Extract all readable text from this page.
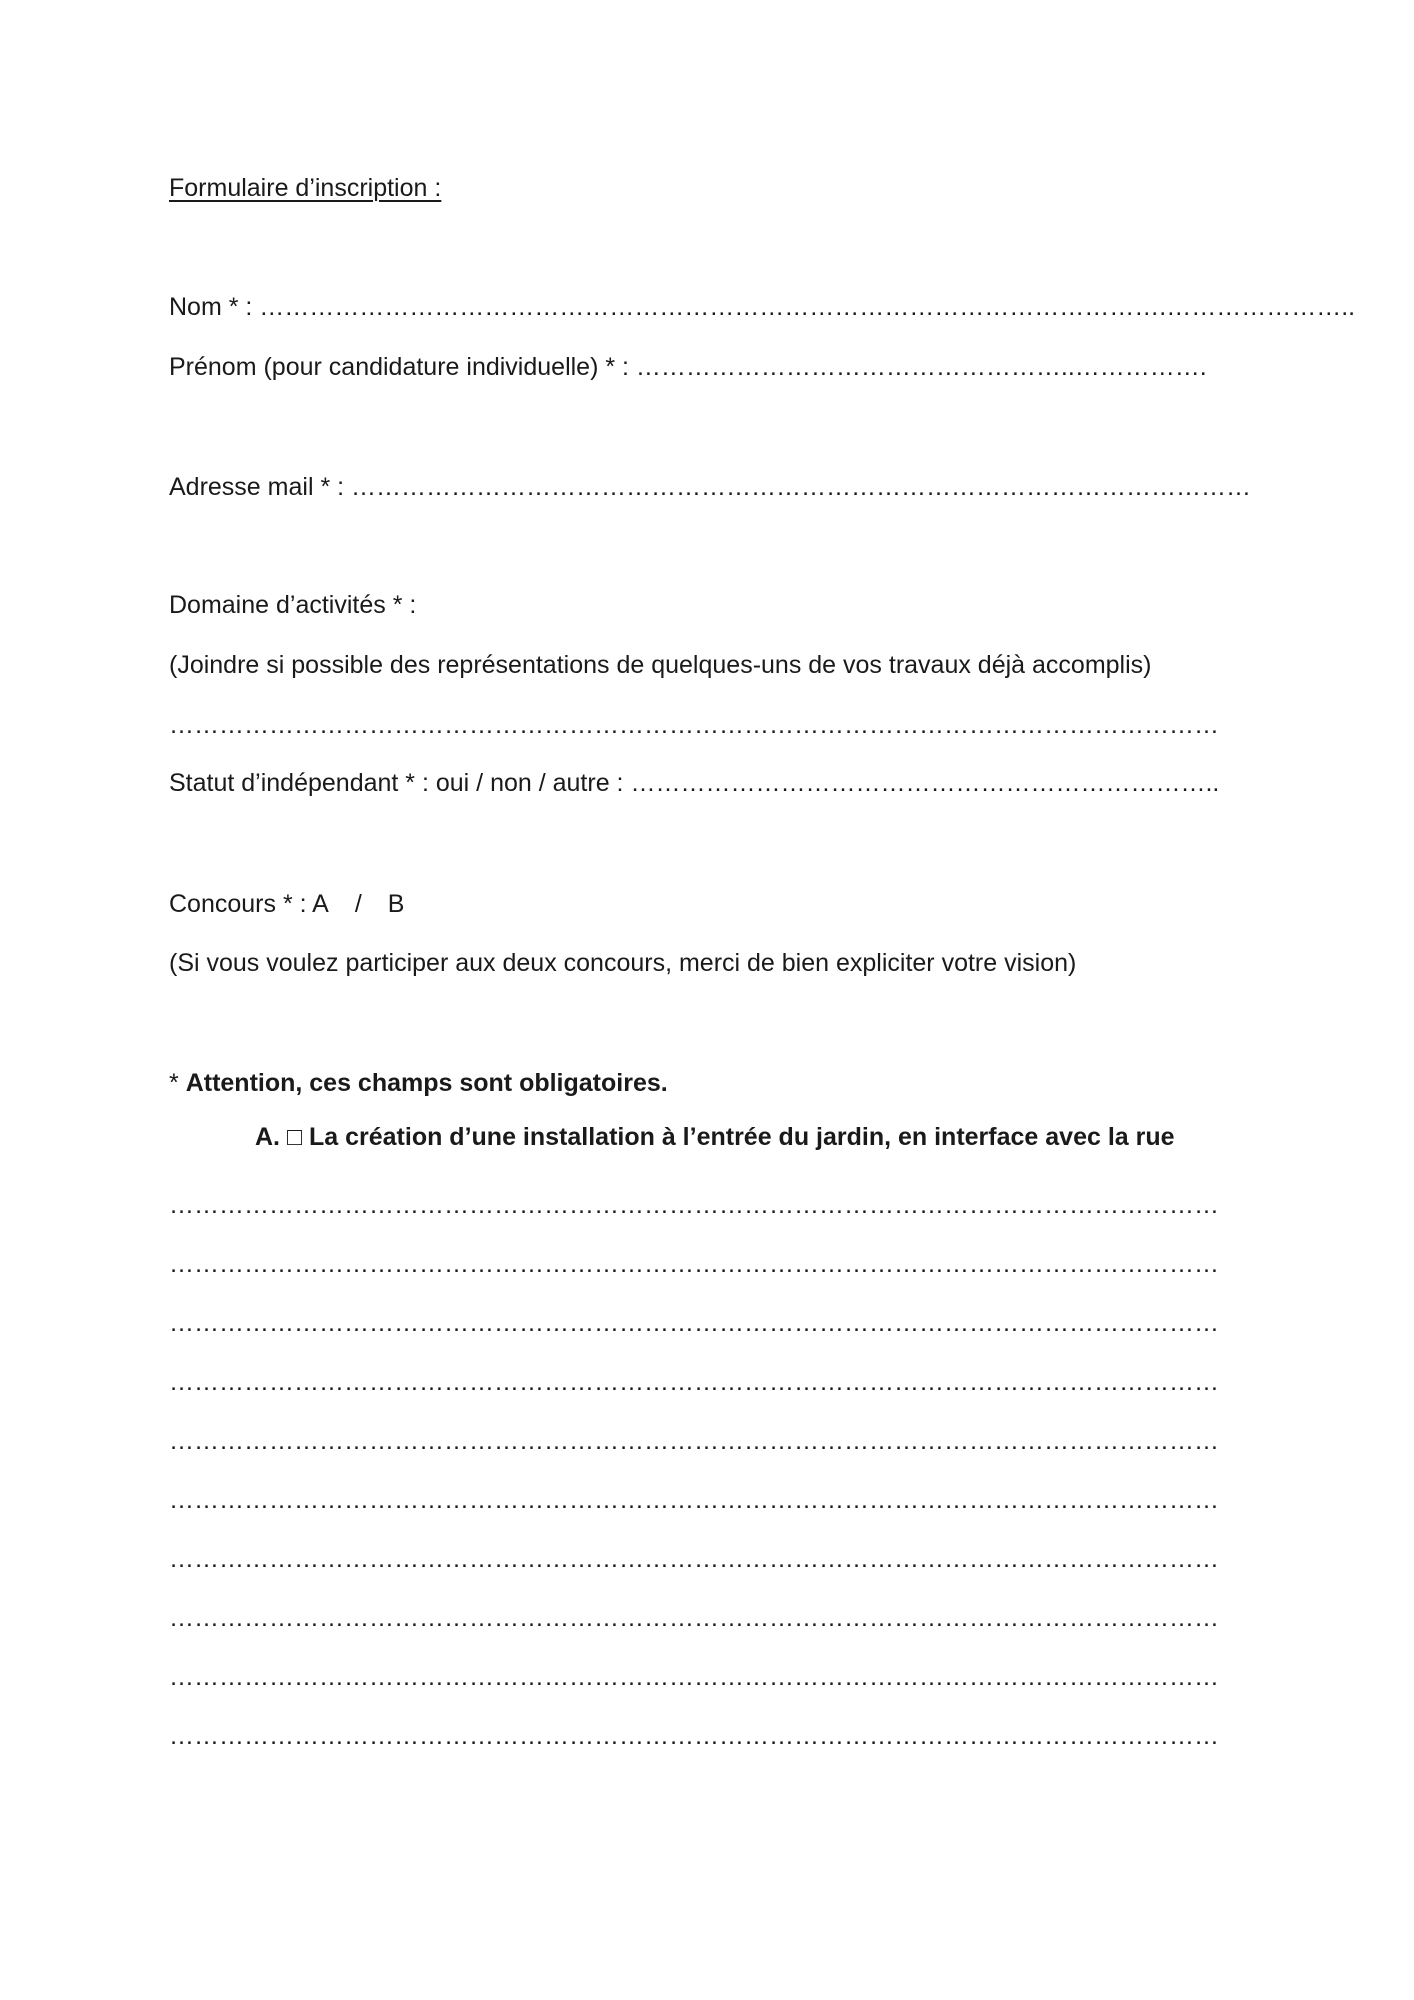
Formulaire d’inscription :

Nom * : ……………………………………………………………………………………………….…………………..

Prénom (pour candidature individuelle) * : ……………………………………………..…………….

Adresse mail * : ………………………………………………………………………………………………

Domaine d’activités * :

(Joindre si possible des représentations de quelques-uns de vos travaux déjà accomplis)

………………………………………………………………………………………………………………

Statut d’indépendant * : oui / non / autre : ……………………………………………………………..

Concours * : A / B

(Si vous voulez participer aux deux concours, merci de bien expliciter votre vision)

* Attention, ces champs sont obligatoires.

A. □ La création d’une installation à l’entrée du jardin, en interface avec la rue

………………………………………………………………………………………………………………

………………………………………………………………………………………………………………

………………………………………………………………………………………………………………

………………………………………………………………………………………………………………

………………………………………………………………………………………………………………

………………………………………………………………………………………………………………

………………………………………………………………………………………………………………

………………………………………………………………………………………………………………

………………………………………………………………………………………………………………

………………………………………………………………………………………………………………
